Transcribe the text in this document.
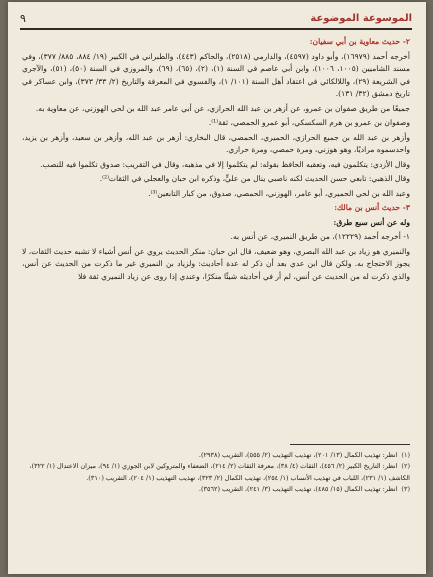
الموسوعة الموضوعة
٩

٢- حديث معاوية بن أبي سفيان:

أخرجه أحمد (١٦٩٧٩)، وأبو داود (٤٥٩٧)، والدارمي (٢٥١٨)، والحاكم (٤٤٣)، والطبراني في الكبير (١٩/ ٨٨٤، ٨٨٥/ ٣٧٧)، وفي مسند الشاميين (١٠٠٥، ١٠٠٦)، وابن أبي عاصم في السنة (١)، (٢)، (٦٥)، (٦٩)، والمروزي في السنة (٥٠)، (٥١)، والآجري في الشريعة (٢٩)، واللالكائي في اعتقاد أهل السنة (١٠١/ ١)، والفسوي في المعرفة والتاريخ (٢/ ٣٣/ ٣٧٣)، وابن عساكر في تاريخ دمشق (٣٢/ ١٣١).

جميعًا من طريق صفوان بن عمرو، عن أزهر بن عبد الله الحرازي، عن أبي عامر عبد الله بن لحي الهوزني، عن معاوية به.

وصفوان بن عمرو بن هرم السكسكي، أبو عمرو الحمصي، ثقة⁽¹⁾.

وأزهر بن عبد الله بن جميع الحرازي، الحميري، الحمصي، قال البخاري: أزهر بن عبد الله، وأزهر بن سعيد، وأزهر بن يزيد، واحدسموه مراديًا، وهو هوزني، ومرة حمصي، ومرة حرازي.

وقال الأزدي: يتكلمون فيه، وتعقبه الحافظ بقوله: لم يتكلموا إلا في مذهبه، وقال في التقريب: صدوق تكلموا فيه للنصب.

وقال الذهبي: تابعي حسن الحديث لكنه ناصبي ينال من عليٍّ، وذكره ابن حبان والعجلي في الثقات⁽²⁾.

وعبد الله بن لحي الحميري، أبو عامر، الهوزني، الحمصي، صدوق، من كبار التابعين⁽³⁾.

٣- حديث أنس بن مالك:

وله عن أنس سبع طرق:

١- أخرجه أحمد (١٢٢٢٩)، من طريق النميري، عن أنس به.

والنميري هو زياد بن عبد الله البصري، وهو ضعيف، قال ابن حبان: منكر الحديث يروي عن أنس أشياء لا تشبه حديث الثقات، لا يجوز الاحتجاج به. ولكن قال ابن عدي بعد أن ذكر له عدة أحاديث: ولزياد بن النميري غير ما ذكرت من الحديث عن أنس، والذي ذكرت له من الحديث عن أنس، لم أر في أحاديثه شيئًا منكرًا، وعندي إذا روى عن زياد النميري ثقة فلا

(١)انظر: تهذيب الكمال (١٣/ ٢٠١)، تهذيب التهذيب (٢/ ٥٥٥)، التقريب (٢٩٣٨).

(٢)انظر: التاريخ الكبير (٢/ ٤٥٦)، الثقات (٤/ ٣٨)، معرفة الثقات (٢/ ٢١٤)، الضعفاء والمتروكين لابن الجوزي (١/ ٩٤)، ميزان الاعتدال (١/ ٣٢٢)، الكاشف (١/ ٢٣١)، اللباب في تهذيب الأنساب (١/ ٢٥٤)، تهذيب الكمال (٢/ ٣٢٣)، تهذيب التهذيب (١/ ٢٠٤)، التقريب (٣١٠).

(٣)انظر: تهذيب الكمال (١٥/ ٤٨٥)، تهذيب التهذيب (٣/ ٢٤١)، التقريب (٣٥٦٢).
